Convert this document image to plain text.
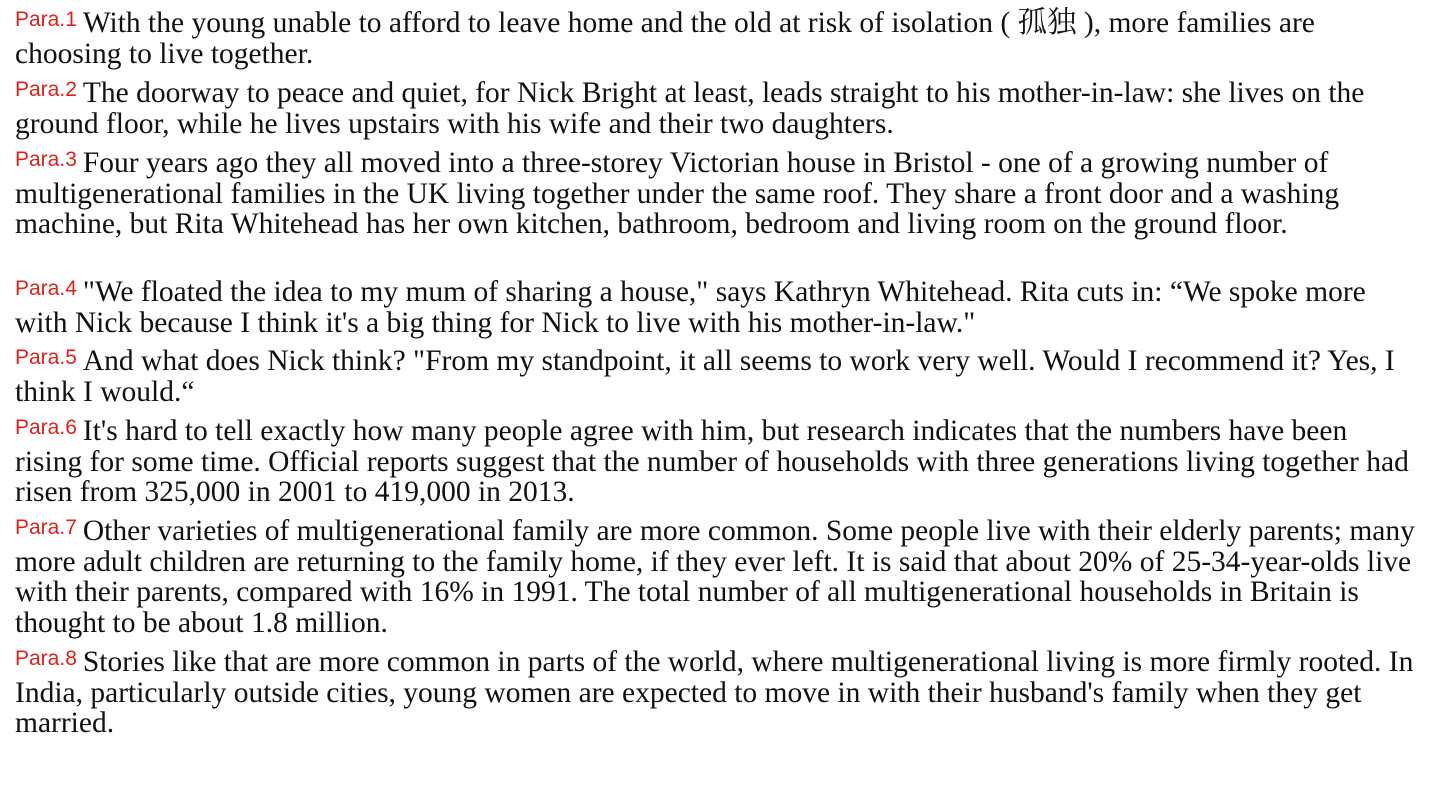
$^{Para.1}$ With the young unable to afford to leave home and the old at risk of isolation ( 孤独 ), more families are choosing to live together.

$^{Para.2}$ The doorway to peace and quiet, for Nick Bright at least, leads straight to his mother-in-law: she lives on the ground floor, while he lives upstairs with his wife and their two daughters.

$^{Para.3}$ Four years ago they all moved into a three-storey Victorian house in Bristol - one of a growing number of multigenerational families in the UK living together under the same roof. They share a front door and a washing machine, but Rita Whitehead has her own kitchen, bathroom, bedroom and living room on the ground floor.

$^{Para.4}$ "We floated the idea to my mum of sharing a house," says Kathryn Whitehead. Rita cuts in: “We spoke more with Nick because I think it's a big thing for Nick to live with his mother-in-law."

$^{Para.5}$ And what does Nick think? "From my standpoint, it all seems to work very well. Would I recommend it? Yes, I think I would.“

$^{Para.6}$ It's hard to tell exactly how many people agree with him, but research indicates that the numbers have been rising for some time. Official reports suggest that the number of households with three generations living together had risen from 325,000 in 2001 to 419,000 in 2013.

$^{Para.7}$ Other varieties of multigenerational family are more common. Some people live with their elderly parents; many more adult children are returning to the family home, if they ever left. It is said that about 20% of 25-34-year-olds live with their parents, compared with 16% in 1991. The total number of all multigenerational households in Britain is thought to be about 1.8 million.

$^{Para.8}$ Stories like that are more common in parts of the world, where multigenerational living is more firmly rooted. In India, particularly outside cities, young women are expected to move in with their husband's family when they get married.
